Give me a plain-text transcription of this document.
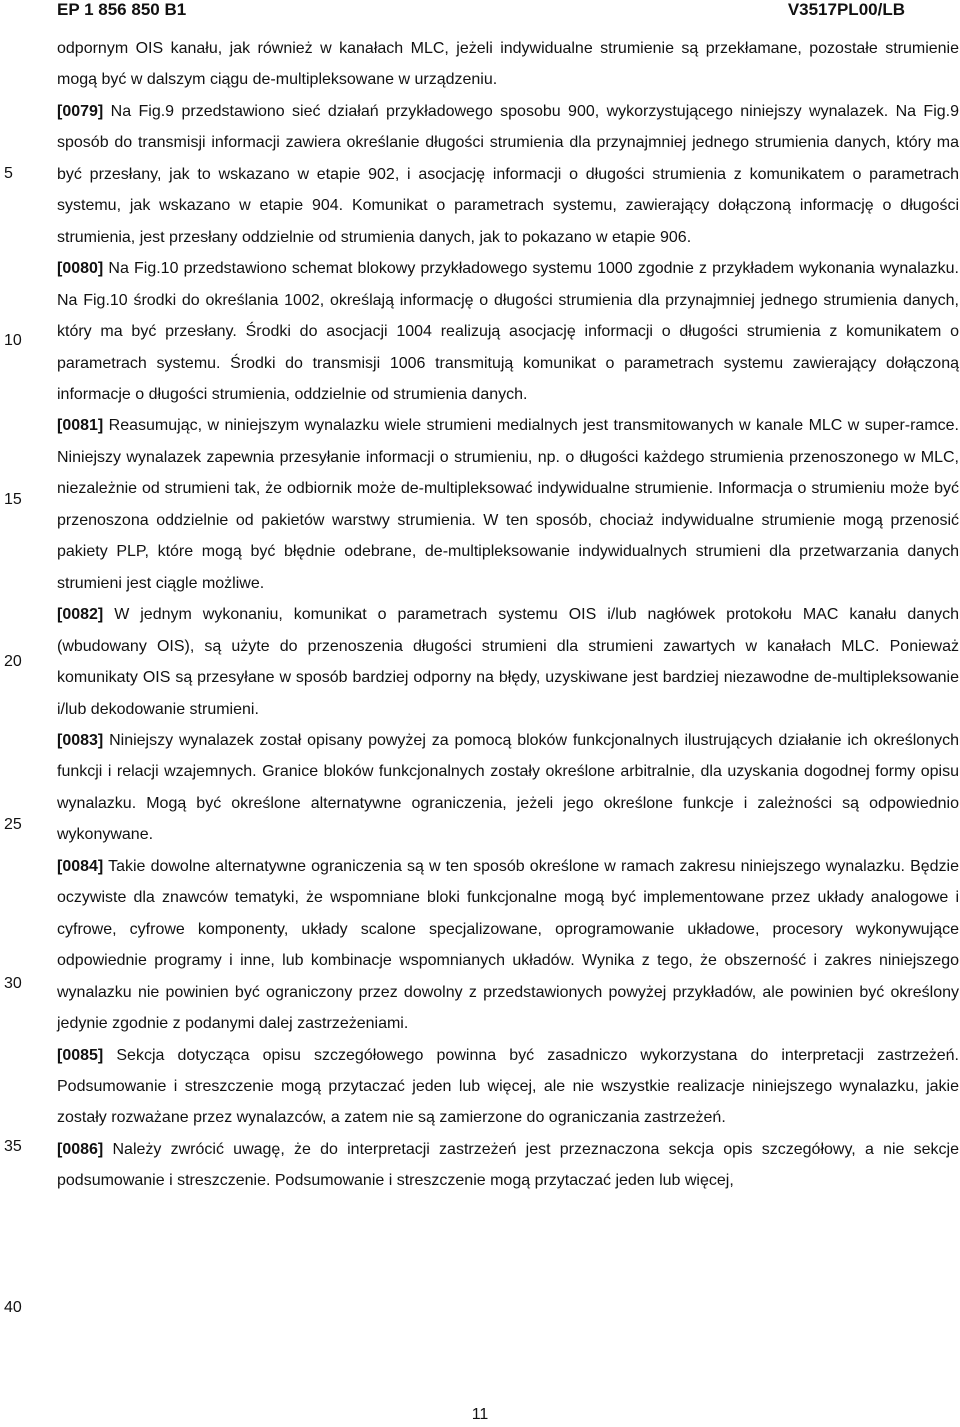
EP 1 856 850 B1	V3517PL00/LB
5
10
15
20
25
30
35
40

odpornym OIS kanału, jak również w kanałach MLC, jeżeli indywidualne strumienie są przekłamane, pozostałe strumienie mogą być w dalszym ciągu de-multipleksowane w urządzeniu.

[0079] Na Fig.9 przedstawiono sieć działań przykładowego sposobu 900, wykorzystującego niniejszy wynalazek. Na Fig.9 sposób do transmisji informacji zawiera określanie długości strumienia dla przynajmniej jednego strumienia danych, który ma być przesłany, jak to wskazano w etapie 902, i asocjację informacji o długości strumienia z komunikatem o parametrach systemu, jak wskazano w etapie 904. Komunikat o parametrach systemu, zawierający dołączoną informację o długości strumienia, jest przesłany oddzielnie od strumienia danych, jak to pokazano w etapie 906.

[0080] Na Fig.10 przedstawiono schemat blokowy przykładowego systemu 1000 zgodnie z przykładem wykonania wynalazku. Na Fig.10 środki do określania 1002, określają informację o długości strumienia dla przynajmniej jednego strumienia danych, który ma być przesłany. Środki do asocjacji 1004 realizują asocjację informacji o długości strumienia z komunikatem o parametrach systemu. Środki do transmisji 1006 transmitują komunikat o parametrach systemu zawierający dołączoną informacje o długości strumienia, oddzielnie od strumienia danych.

[0081] Reasumując, w niniejszym wynalazku wiele strumieni medialnych jest transmitowanych w kanale MLC w super-ramce. Niniejszy wynalazek zapewnia przesyłanie informacji o strumieniu, np. o długości każdego strumienia przenoszonego w MLC, niezależnie od strumieni tak, że odbiornik może de-multipleksować indywidualne strumienie. Informacja o strumieniu może być przenoszona oddzielnie od pakietów warstwy strumienia. W ten sposób, chociaż indywidualne strumienie mogą przenosić pakiety PLP, które mogą być błędnie odebrane, de-multipleksowanie indywidualnych strumieni dla przetwarzania danych strumieni jest ciągle możliwe.

[0082] W jednym wykonaniu, komunikat o parametrach systemu OIS i/lub nagłówek protokołu MAC kanału danych (wbudowany OIS), są użyte do przenoszenia długości strumieni dla strumieni zawartych w kanałach MLC. Ponieważ komunikaty OIS są przesyłane w sposób bardziej odporny na błędy, uzyskiwane jest bardziej niezawodne de-multipleksowanie i/lub dekodowanie strumieni.

[0083] Niniejszy wynalazek został opisany powyżej za pomocą bloków funkcjonalnych ilustrujących działanie ich określonych funkcji i relacji wzajemnych. Granice bloków funkcjonalnych zostały określone arbitralnie, dla uzyskania dogodnej formy opisu wynalazku. Mogą być określone alternatywne ograniczenia, jeżeli jego określone funkcje i zależności są odpowiednio wykonywane.

[0084] Takie dowolne alternatywne ograniczenia są w ten sposób określone w ramach zakresu niniejszego wynalazku. Będzie oczywiste dla znawców tematyki, że wspomniane bloki funkcjonalne mogą być implementowane przez układy analogowe i cyfrowe, cyfrowe komponenty, układy scalone specjalizowane, oprogramowanie układowe, procesory wykonywujące odpowiednie programy i inne, lub kombinacje wspomnianych układów. Wynika z tego, że obszerność i zakres niniejszego wynalazku nie powinien być ograniczony przez dowolny z przedstawionych powyżej przykładów, ale powinien być określony jedynie zgodnie z podanymi dalej zastrzeżeniami.

[0085] Sekcja dotycząca opisu szczegółowego powinna być zasadniczo wykorzystana do interpretacji zastrzeżeń. Podsumowanie i streszczenie mogą przytaczać jeden lub więcej, ale nie wszystkie realizacje niniejszego wynalazku, jakie zostały rozważane przez wynalazców, a zatem nie są zamierzone do ograniczania zastrzeżeń.

[0086] Należy zwrócić uwagę, że do interpretacji zastrzeżeń jest przeznaczona sekcja opis szczegółowy, a nie sekcje podsumowanie i streszczenie. Podsumowanie i streszczenie mogą przytaczać jeden lub więcej,

11
